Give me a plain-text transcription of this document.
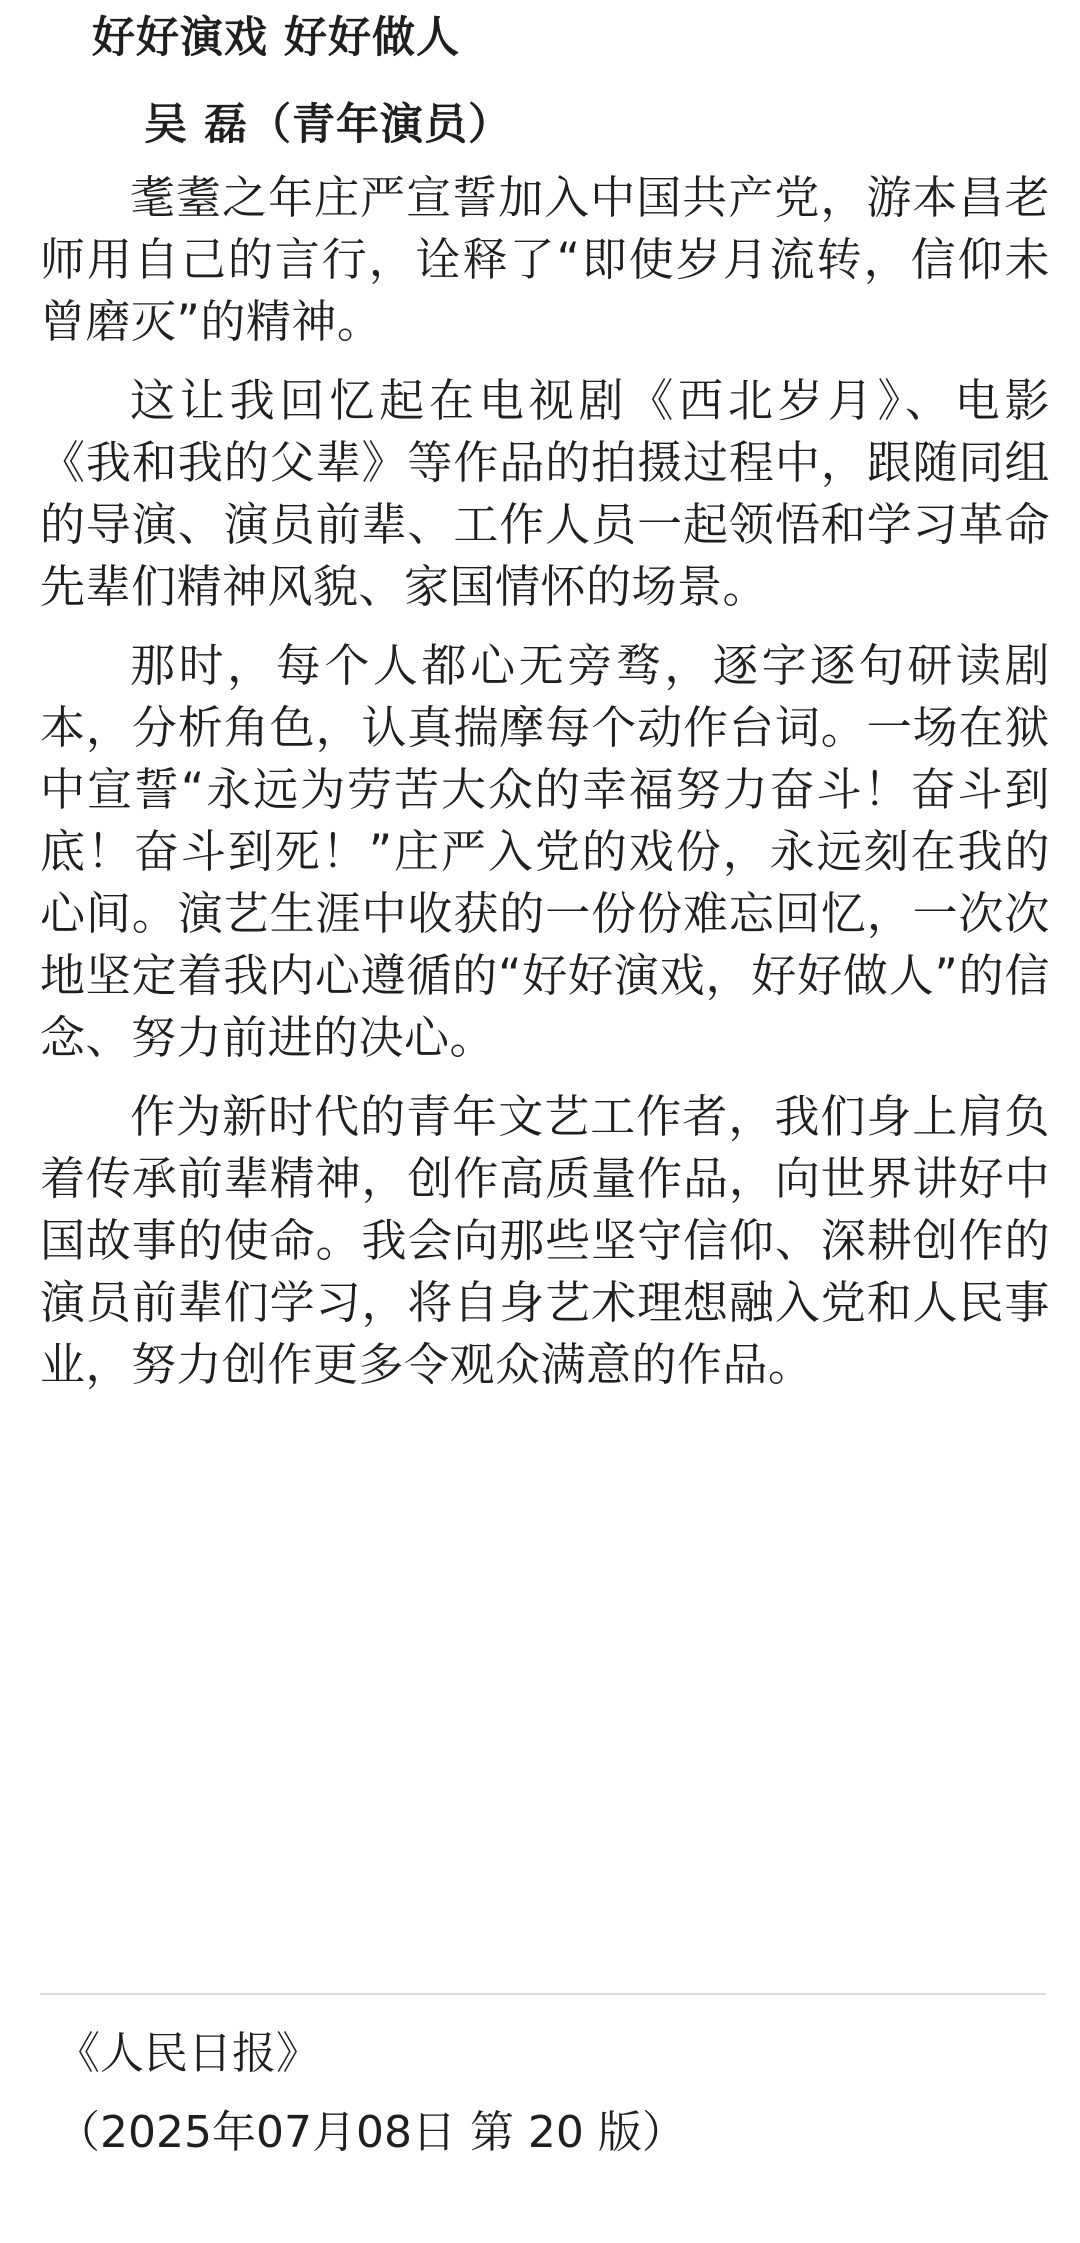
好好演戏 好好做人
吴 磊（青年演员）

耄耋之年庄严宣誓加入中国共产党，游本昌老师用自己的言行，诠释了“即使岁月流转，信仰未曾磨灭”的精神。

这让我回忆起在电视剧《西北岁月》、电影《我和我的父辈》等作品的拍摄过程中，跟随同组的导演、演员前辈、工作人员一起领悟和学习革命先辈们精神风貌、家国情怀的场景。

那时，每个人都心无旁骛，逐字逐句研读剧本，分析角色，认真揣摩每个动作台词。一场在狱中宣誓“永远为劳苦大众的幸福努力奋斗！奋斗到底！奋斗到死！”庄严入党的戏份，永远刻在我的心间。演艺生涯中收获的一份份难忘回忆，一次次地坚定着我内心遵循的“好好演戏，好好做人”的信念、努力前进的决心。

作为新时代的青年文艺工作者，我们身上肩负着传承前辈精神，创作高质量作品，向世界讲好中国故事的使命。我会向那些坚守信仰、深耕创作的演员前辈们学习，将自身艺术理想融入党和人民事业，努力创作更多令观众满意的作品。

《人民日报》

（2025年07月08日 第 20 版）
